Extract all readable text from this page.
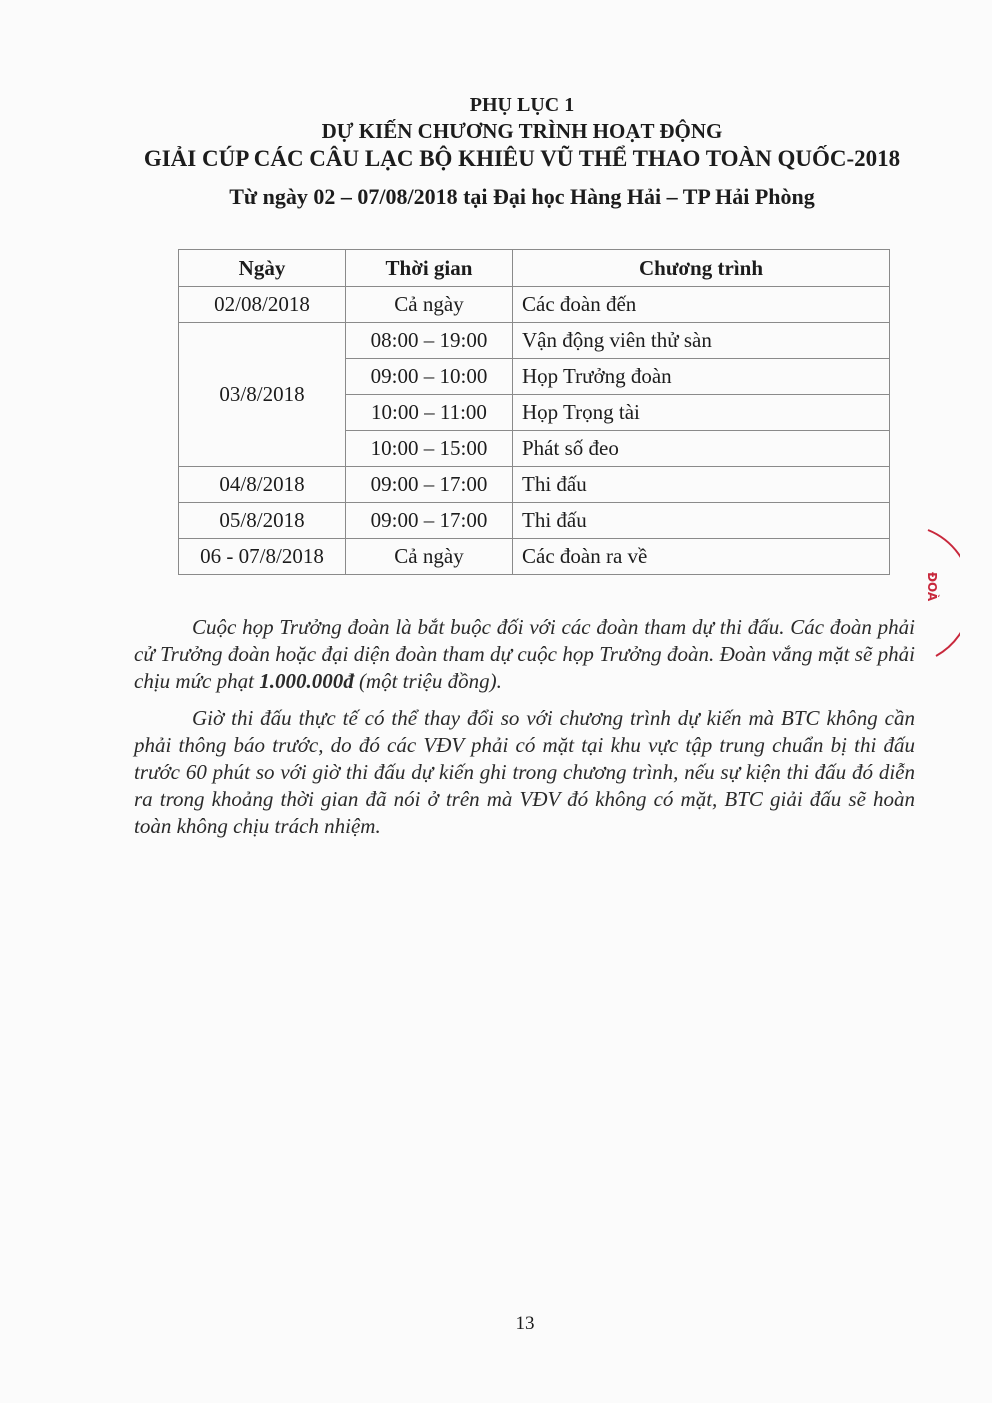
PHỤ LỤC 1
DỰ KIẾN CHƯƠNG TRÌNH HOẠT ĐỘNG
GIẢI CÚP CÁC CÂU LẠC BỘ KHIÊU VŨ THỂ THAO TOÀN QUỐC-2018
Từ ngày 02 – 07/08/2018 tại Đại học Hàng Hải – TP Hải Phòng
Ngày	Thời gian	Chương trình
02/08/2018	Cả ngày	Các đoàn đến
03/8/2018	08:00 – 19:00	Vận động viên thử sàn
	09:00 – 10:00	Họp Trưởng đoàn
	10:00 – 11:00	Họp Trọng tài
	10:00 – 15:00	Phát số đeo
04/8/2018	09:00 – 17:00	Thi đấu
05/8/2018	09:00 – 17:00	Thi đấu
06 - 07/8/2018	Cả ngày	Các đoàn ra về

Cuộc họp Trưởng đoàn là bắt buộc đối với các đoàn tham dự thi đấu. Các đoàn phải cử Trưởng đoàn hoặc đại diện đoàn tham dự cuộc họp Trưởng đoàn. Đoàn vắng mặt sẽ phải chịu mức phạt 1.000.000đ (một triệu đồng).

Giờ thi đấu thực tế có thể thay đổi so với chương trình dự kiến mà BTC không cần phải thông báo trước, do đó các VĐV phải có mặt tại khu vực tập trung chuẩn bị thi đấu trước 60 phút so với giờ thi đấu dự kiến ghi trong chương trình, nếu sự kiện thi đấu đó diễn ra trong khoảng thời gian đã nói ở trên mà VĐV đó không có mặt, BTC giải đấu sẽ hoàn toàn không chịu trách nhiệm.

13
ĐOÀ
